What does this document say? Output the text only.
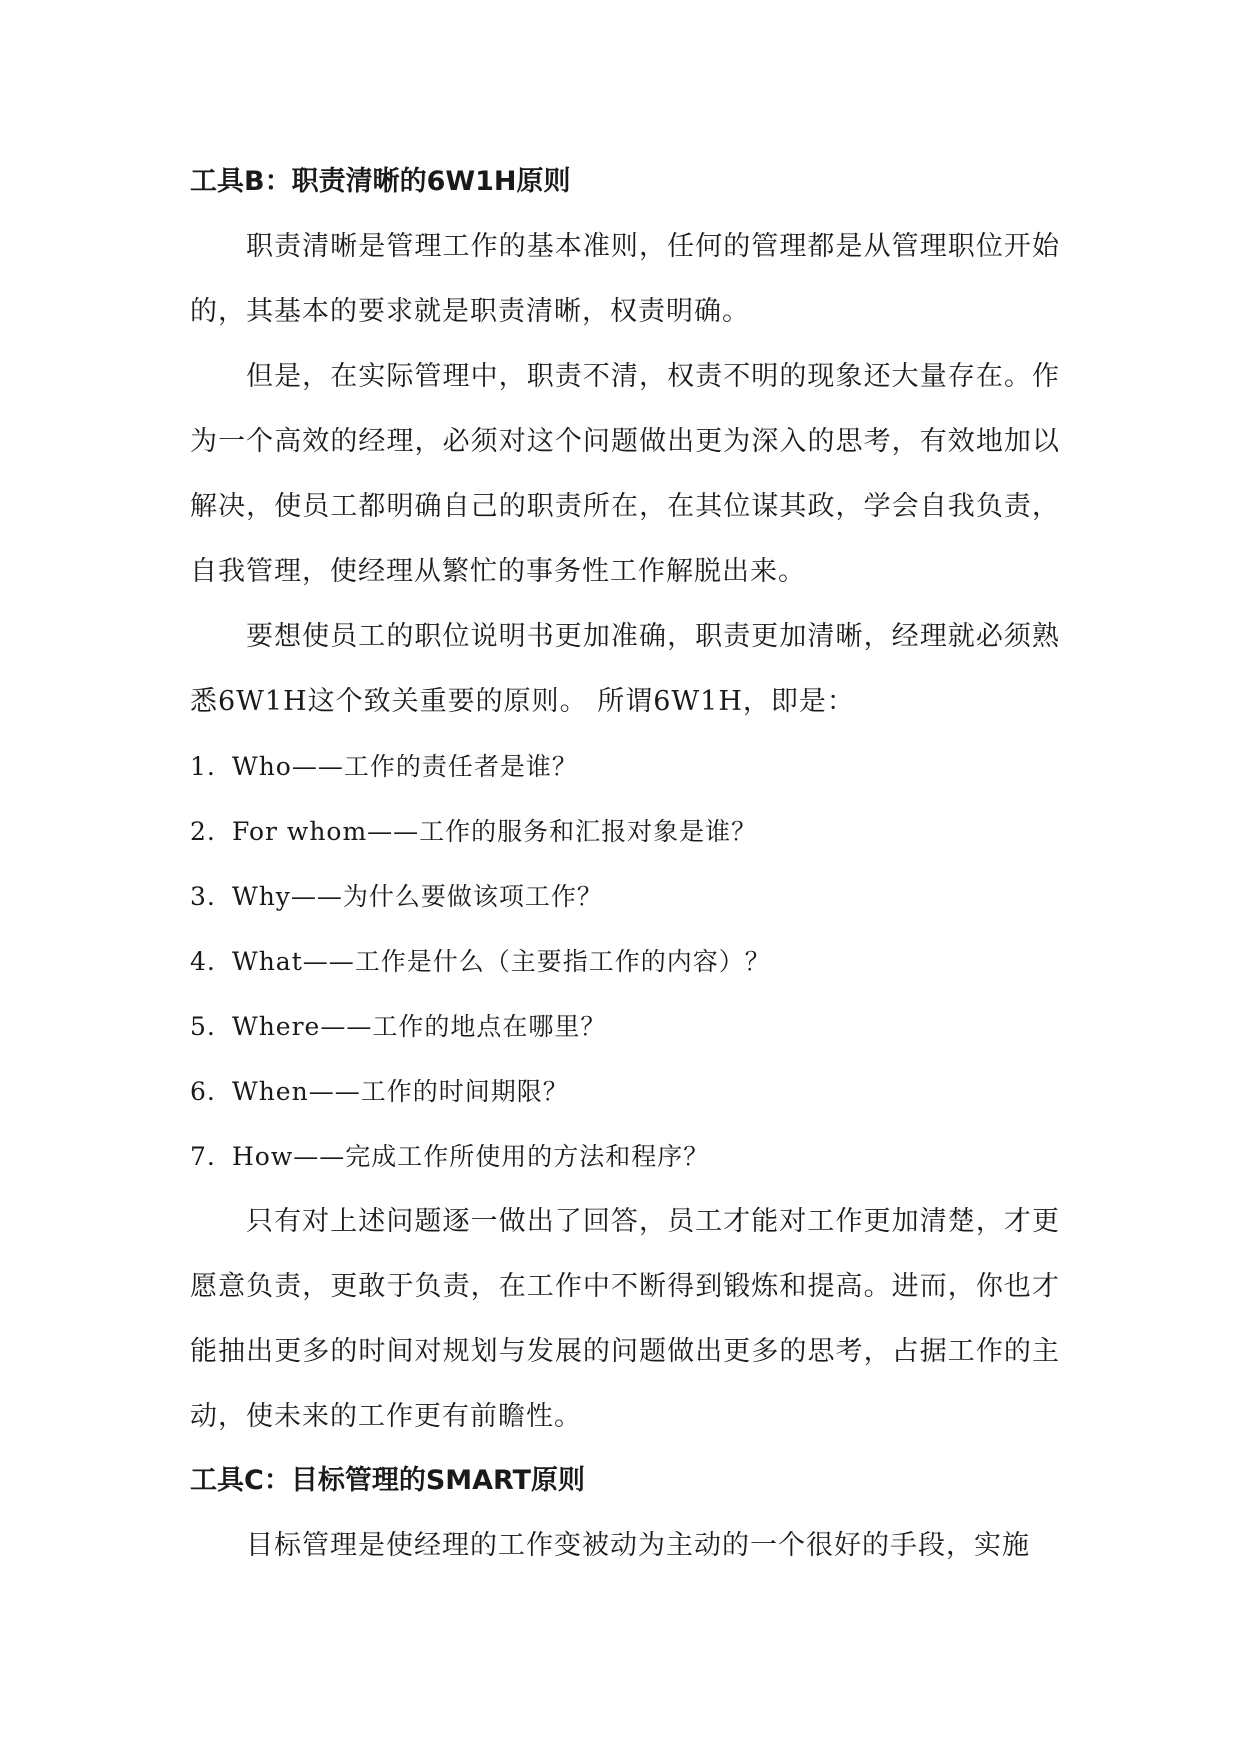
工具B：职责清晰的6W1H原则

职责清晰是管理工作的基本准则，任何的管理都是从管理职位开始的，其基本的要求就是职责清晰，权责明确。

但是，在实际管理中，职责不清，权责不明的现象还大量存在。作为一个高效的经理，必须对这个问题做出更为深入的思考，有效地加以解决，使员工都明确自己的职责所在，在其位谋其政，学会自我负责，自我管理，使经理从繁忙的事务性工作解脱出来。

要想使员工的职位说明书更加准确，职责更加清晰，经理就必须熟悉6W1H这个致关重要的原则。 所谓6W1H，即是：

1. Who——工作的责任者是谁？
2. For whom——工作的服务和汇报对象是谁？
3. Why——为什么要做该项工作？
4. What——工作是什么（主要指工作的内容）？
5. Where——工作的地点在哪里？
6. When——工作的时间期限？
7. How——完成工作所使用的方法和程序？

只有对上述问题逐一做出了回答，员工才能对工作更加清楚，才更愿意负责，更敢于负责，在工作中不断得到锻炼和提高。进而，你也才能抽出更多的时间对规划与发展的问题做出更多的思考，占据工作的主动，使未来的工作更有前瞻性。

工具C：目标管理的SMART原则

目标管理是使经理的工作变被动为主动的一个很好的手段，实施
